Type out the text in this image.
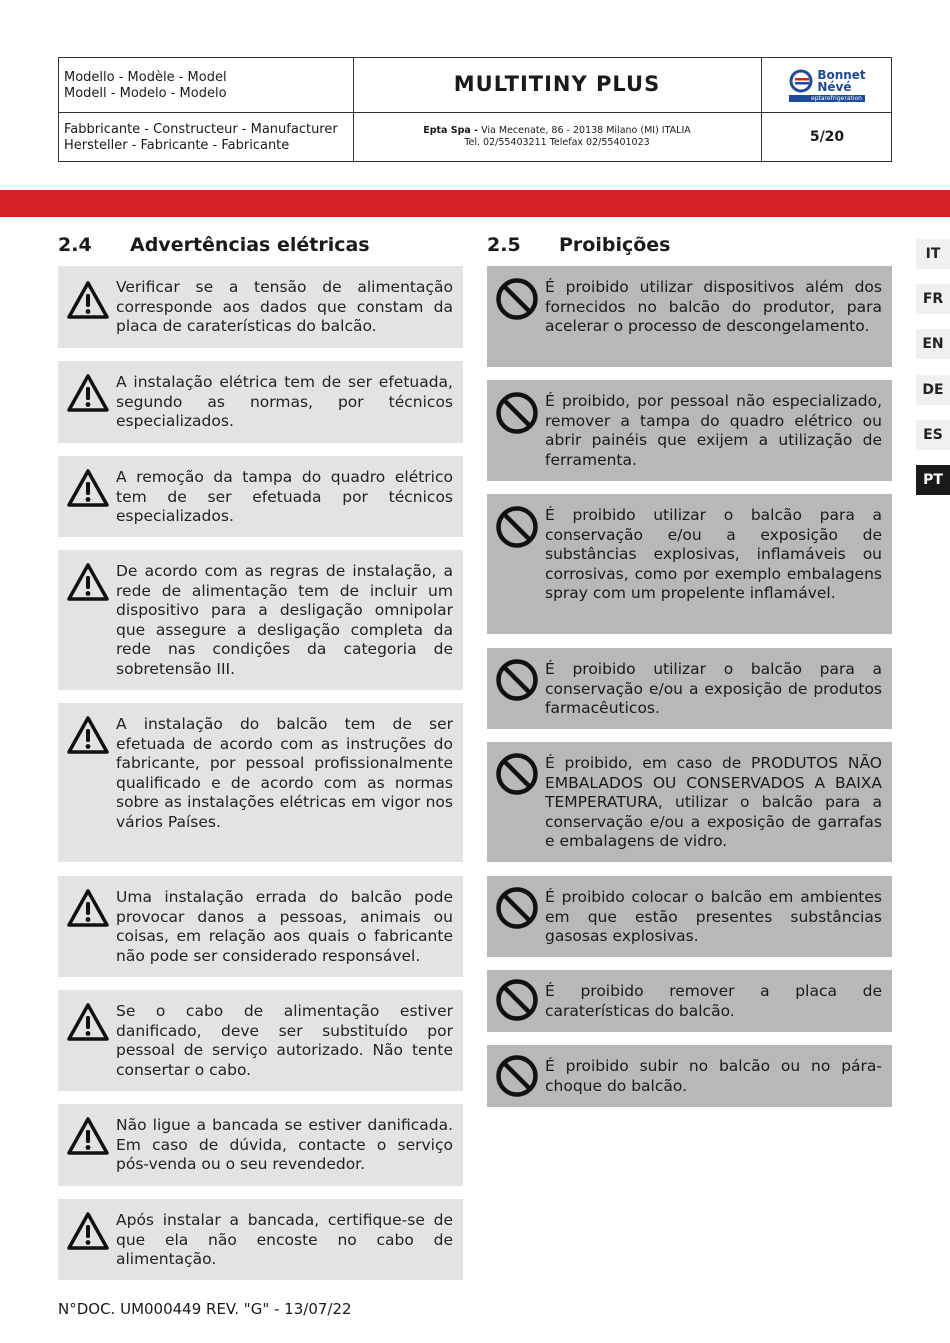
Modello - Modèle - Model
Modell - Modelo - Modelo	MULTITINY PLUS	Bonnet
Névé
eptarefrigeration
Fabbricante - Constructeur - Manufacturer
Hersteller - Fabricante - Fabricante
Epta Spa - Via Mecenate, 86 - 20138 Milano (MI) ITALIA
Tel. 02/55403211 Telefax 02/55401023	5/20
2.4 Advertências elétricas	2.5 Proibições
Verificar se a tensão de alimentação corresponde aos dados que constam da placa de caraterísticas do balcão.
A instalação elétrica tem de ser efetuada, segundo as normas, por técnicos especializados.
A remoção da tampa do quadro elétrico tem de ser efetuada por técnicos especializados.
De acordo com as regras de instalação, a rede de alimentação tem de incluir um dispositivo para a desligação omnipolar que assegure a desligação completa da rede nas condições da categoria de sobretensão III.
A instalação do balcão tem de ser efetuada de acordo com as instruções do fabricante, por pessoal profissionalmente qualificado e de acordo com as normas sobre as instalações elétricas em vigor nos vários Países.
Uma instalação errada do balcão pode provocar danos a pessoas, animais ou coisas, em relação aos quais o fabricante não pode ser considerado responsável.
Se o cabo de alimentação estiver danificado, deve ser substituído por pessoal de serviço autorizado. Não tente consertar o cabo.
Não ligue a bancada se estiver danificada. Em caso de dúvida, contacte o serviço pós-venda ou o seu revendedor.
Após instalar a bancada, certifique-se de que ela não encoste no cabo de alimentação.
É proibido utilizar dispositivos além dos fornecidos no balcão do produtor, para acelerar o processo de descongelamento.
É proibido, por pessoal não especializado, remover a tampa do quadro elétrico ou abrir painéis que exijem a utilização de ferramenta.
É proibido utilizar o balcão para a conservação e/ou a exposição de substâncias explosivas, inflamáveis ou corrosivas, como por exemplo embalagens spray com um propelente inflamável.
É proibido utilizar o balcão para a conservação e/ou a exposição de produtos farmacêuticos.
É proibido, em caso de PRODUTOS NÃO EMBALADOS OU CONSERVADOS A BAIXA TEMPERATURA, utilizar o balcão para a conservação e/ou a exposição de garrafas e embalagens de vidro.
É proibido colocar o balcão em ambientes em que estão presentes substâncias gasosas explosivas.
É proibido remover a placa de caraterísticas do balcão.
É proibido subir no balcão ou no pára-choque do balcão.
IT
FR
EN
DE
ES
PT
N°DOC. UM000449 REV. "G" - 13/07/22
